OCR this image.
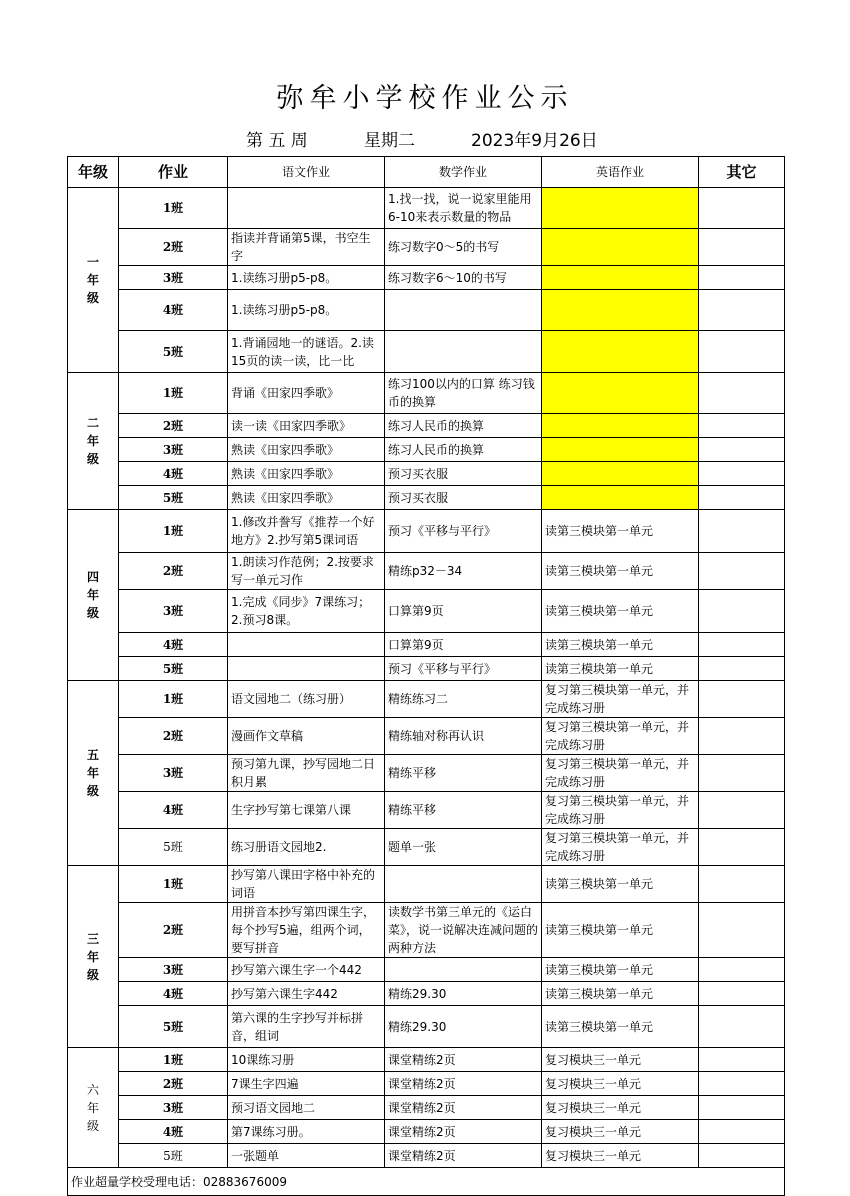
弥牟小学校作业公示
第 五 周	星期二	2023年9月26日
年级	作业	语文作业	数学作业	英语作业	其它

一
年
级	1班		1.找一找，说一说家里能用6-10来表示数量的物品		
	2班	指读并背诵第5课，书空生字	练习数字0～5的书写		
	3班	1.读练习册p5-p8。	练习数字6～10的书写		
	4班	1.读练习册p5-p8。			
	5班	1.背诵园地一的谜语。2.读15页的读一读，比一比			

二
年
级	1班	背诵《田家四季歌》	练习100以内的口算 练习钱币的换算		
	2班	读一读《田家四季歌》	练习人民币的换算		
	3班	熟读《田家四季歌》	练习人民币的换算		
	4班	熟读《田家四季歌》	预习买衣服		
	5班	熟读《田家四季歌》	预习买衣服		

四
年
级	1班	1.修改并誊写《推荐一个好地方》2.抄写第5课词语	预习《平移与平行》	读第三模块第一单元	
	2班	1.朗读习作范例；2.按要求写一单元习作	精练p32－34	读第三模块第一单元	
	3班	1.完成《同步》7课练习；2.预习8课。	口算第9页	读第三模块第一单元	
	4班		口算第9页	读第三模块第一单元	
	5班		预习《平移与平行》	读第三模块第一单元	

五
年
级	1班	语文园地二（练习册）	精练练习二	复习第三模块第一单元，并完成练习册	
	2班	漫画作文草稿	精练轴对称再认识	复习第三模块第一单元，并完成练习册	
	3班	预习第九课，抄写园地二日积月累	精练平移	复习第三模块第一单元，并完成练习册	
	4班	生字抄写第七课第八课	精练平移	复习第三模块第一单元，并完成练习册	
	5班	练习册语文园地2.	题单一张	复习第三模块第一单元，并完成练习册	

三
年
级	1班	抄写第八课田字格中补充的词语		读第三模块第一单元	
	2班	用拼音本抄写第四课生字，每个抄写5遍，组两个词，要写拼音	读数学书第三单元的《运白菜》，说一说解决连减问题的两种方法	读第三模块第一单元	
	3班	抄写第六课生字一个442		读第三模块第一单元	
	4班	抄写第六课生字442	精练29.30	读第三模块第一单元	
	5班	第六课的生字抄写并标拼音，组词	精练29.30	读第三模块第一单元	

六
年
级	1班	10课练习册	课堂精练2页	复习模块三一单元	
	2班	7课生字四遍	课堂精练2页	复习模块三一单元	
	3班	预习语文园地二	课堂精练2页	复习模块三一单元	
	4班	第7课练习册。	课堂精练2页	复习模块三一单元	
	5班	一张题单	课堂精练2页	复习模块三一单元	
作业超量学校受理电话：02883676009					
